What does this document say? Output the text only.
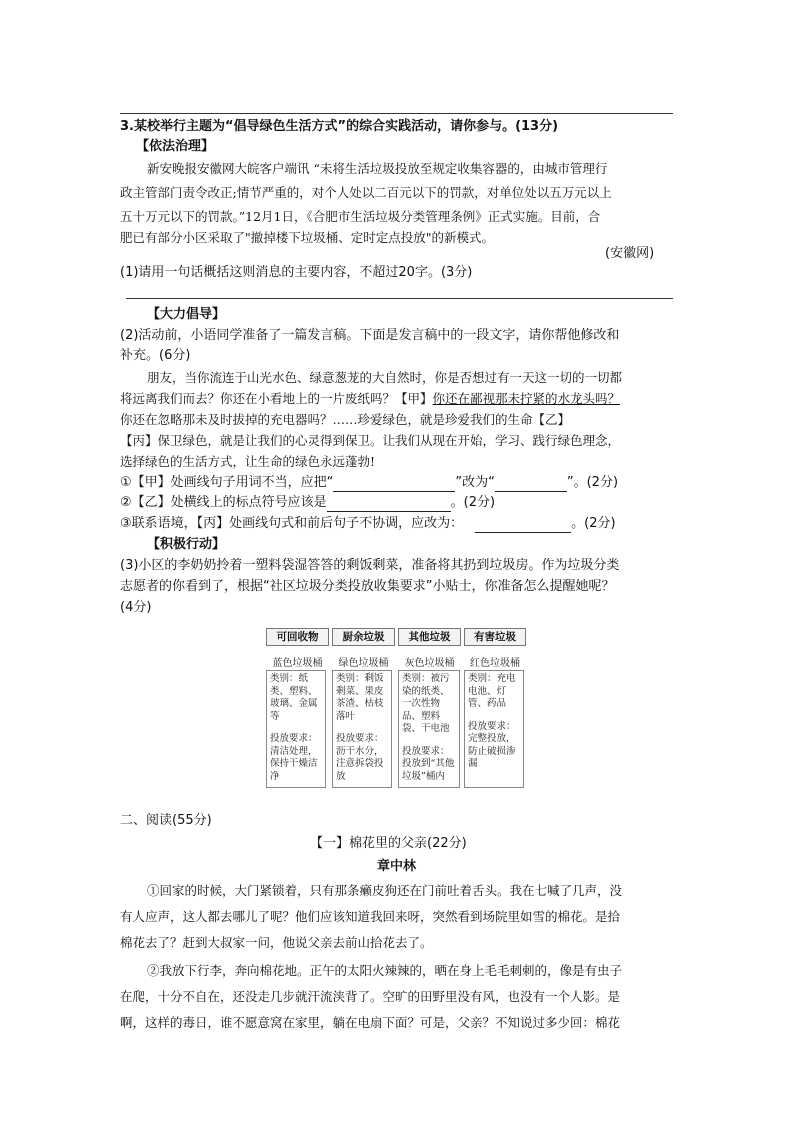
3.某校举行主题为“倡导绿色生活方式”的综合实践活动，请你参与。(13分)
【依法治理】
新安晚报安徽网大皖客户端讯 “未将生活垃圾投放至规定收集容器的，由城市管理行
政主管部门责令改正;情节严重的，对个人处以二百元以下的罚款，对单位处以五万元以上
五十万元以下的罚款。”12月1日，《合肥市生活垃圾分类管理条例》正式实施。目前，合
肥已有部分小区采取了"撤掉楼下垃圾桶、定时定点投放"的新模式。
(安徽网)
(1)请用一句话概括这则消息的主要内容，不超过20字。(3分)
【大力倡导】
(2)活动前，小语同学准备了一篇发言稿。下面是发言稿中的一段文字，请你帮他修改和
补充。(6分)
朋友，当你流连于山光水色、绿意葱茏的大自然时，你是否想过有一天这一切的一切都
将远离我们而去？你还在小看地上的一片废纸吗？【甲】你还在鄙视那未拧紧的水龙头吗？
你还在忽略那未及时拔掉的充电器吗？……珍爱绿色，就是珍爱我们的生命【乙】
【丙】保卫绿色，就是让我们的心灵得到保卫。让我们从现在开始，学习、践行绿色理念，
选择绿色的生活方式，让生命的绿色永远蓬勃!
①【甲】处画线句子用词不当，应把“	”改为“	”。(2分)
②【乙】处横线上的标点符号应该是	。(2分)
③联系语境，【丙】处画线句式和前后句子不协调，应改为：	。(2分)
【积极行动】
(3)小区的李奶奶拎着一塑料袋湿答答的剩饭剩菜，准备将其扔到垃圾房。作为垃圾分类
志愿者的你看到了，根据“社区垃圾分类投放收集要求”小贴士，你准备怎么提醒她呢？
(4分)
可回收物	厨余垃圾	其他垃圾	有害垃圾
蓝色垃圾桶	绿色垃圾桶	灰色垃圾桶	红色垃圾桶
类别：纸类、塑料、玻璃、金属等
投放要求：清洁处理，保持干燥洁净
类别：剩饭剩菜、果皮茶渣、枯枝落叶
投放要求：沥干水分，注意拆袋投放
类别：被污染的纸类、一次性物品、塑料袋、干电池
投放要求：投放到“其他垃圾”桶内
类别：充电电池、灯管、药品
投放要求：完整投放，防止破损渗漏
二、阅读(55分)
【一】棉花里的父亲(22分)
章中林
①回家的时候，大门紧锁着，只有那条癞皮狗还在门前吐着舌头。我在七喊了几声，没
有人应声，这人都去哪儿了呢？他们应该知道我回来呀，突然看到场院里如雪的棉花。是拾
棉花去了？赶到大叔家一问，他说父亲去前山拾花去了。
②我放下行李，奔向棉花地。正午的太阳火辣辣的，晒在身上毛毛刺刺的，像是有虫子
在爬，十分不自在，还没走几步就汗流浃背了。空旷的田野里没有风，也没有一个人影。是
啊，这样的毒日，谁不愿意窝在家里，躺在电扇下面？可是，父亲？不知说过多少回：棉花
